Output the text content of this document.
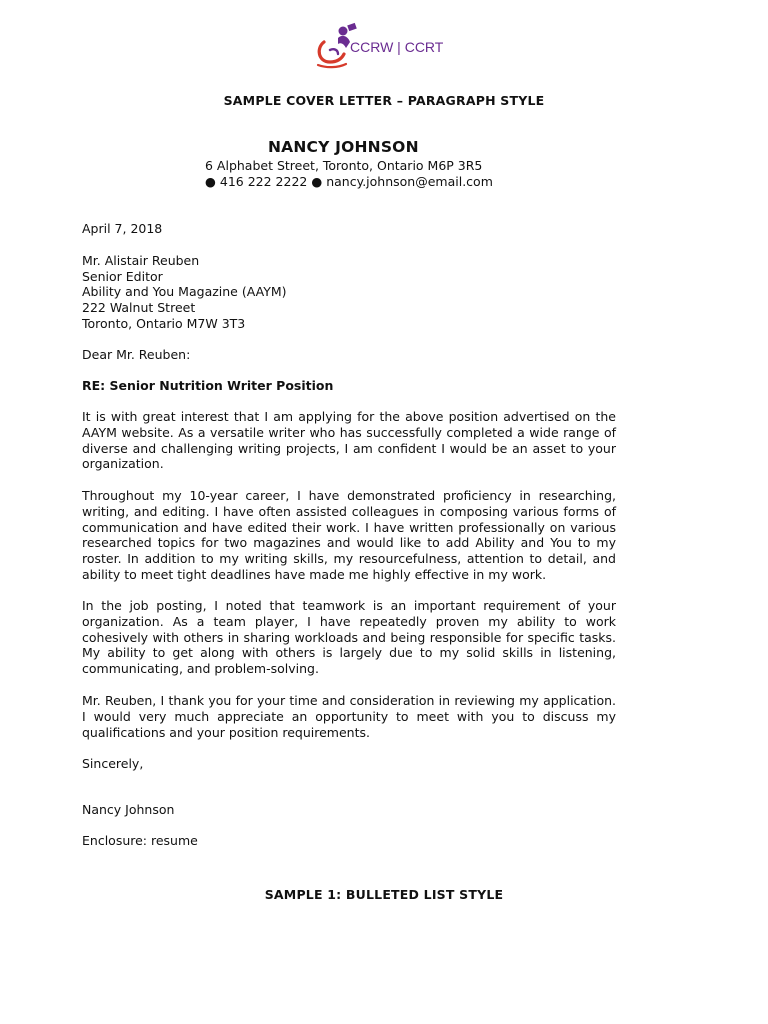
CCRW | CCRT
SAMPLE COVER LETTER – PARAGRAPH STYLE
NANCY JOHNSON
6 Alphabet Street, Toronto, Ontario M6P 3R5
● 416 222 2222 ● nancy.johnson@email.com
April 7, 2018
Mr. Alistair Reuben
Senior Editor
Ability and You Magazine (AAYM)
222 Walnut Street
Toronto, Ontario M7W 3T3
Dear Mr. Reuben:
RE: Senior Nutrition Writer Position
It is with great interest that I am applying for the above position advertised on the AAYM website. As a versatile writer who has successfully completed a wide range of diverse and challenging writing projects, I am confident I would be an asset to your organization.
Throughout my 10-year career, I have demonstrated proficiency in researching, writing, and editing. I have often assisted colleagues in composing various forms of communication and have edited their work. I have written professionally on various researched topics for two magazines and would like to add Ability and You to my roster. In addition to my writing skills, my resourcefulness, attention to detail, and ability to meet tight deadlines have made me highly effective in my work.
In the job posting, I noted that teamwork is an important requirement of your organization. As a team player, I have repeatedly proven my ability to work cohesively with others in sharing workloads and being responsible for specific tasks. My ability to get along with others is largely due to my solid skills in listening, communicating, and problem-solving.
Mr. Reuben, I thank you for your time and consideration in reviewing my application. I would very much appreciate an opportunity to meet with you to discuss my qualifications and your position requirements.
Sincerely,
Nancy Johnson
Enclosure: resume
SAMPLE 1: BULLETED LIST STYLE
